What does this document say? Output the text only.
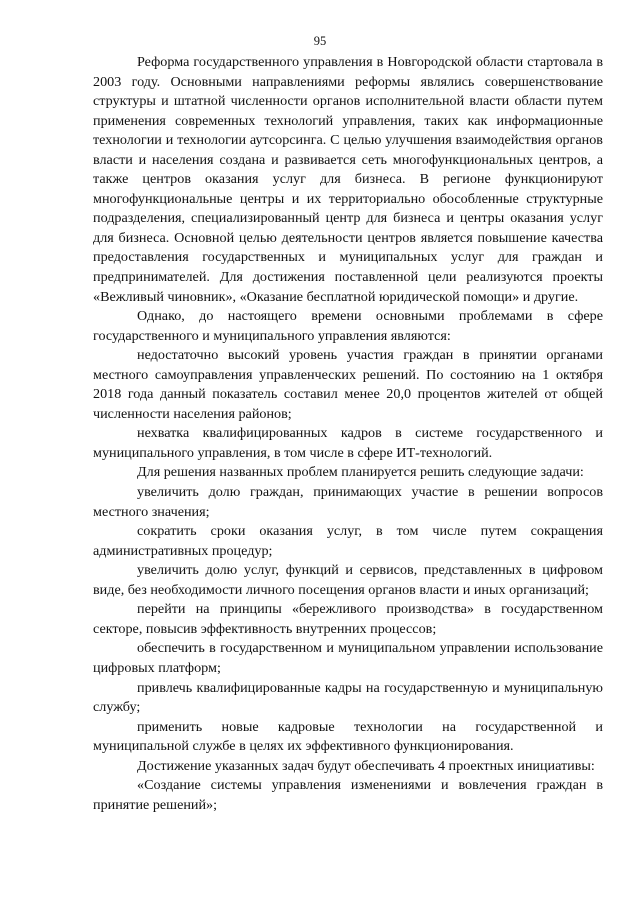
95

Реформа государственного управления в Новгородской области стартовала в 2003 году. Основными направлениями реформы являлись совершенствование структуры и штатной численности органов исполнительной власти области путем применения современных технологий управления, таких как информационные технологии и технологии аутсорсинга. С целью улучшения взаимодействия органов власти и населения создана и развивается сеть многофункциональных центров, а также центров оказания услуг для бизнеса. В регионе функционируют многофункциональные центры и их территориально обособленные структурные подразделения, специализированный центр для бизнеса и центры оказания услуг для бизнеса. Основной целью деятельности центров является повышение качества предоставления государственных и муниципальных услуг для граждан и предпринимателей. Для достижения поставленной цели реализуются проекты «Вежливый чиновник», «Оказание бесплатной юридической помощи» и другие.

Однако, до настоящего времени основными проблемами в сфере государственного и муниципального управления являются:

недостаточно высокий уровень участия граждан в принятии органами местного самоуправления управленческих решений. По состоянию на 1 октября 2018 года данный показатель составил менее 20,0 процентов жителей от общей численности населения районов;

нехватка квалифицированных кадров в системе государственного и муниципального управления, в том числе в сфере ИТ-технологий.

Для решения названных проблем планируется решить следующие задачи:

увеличить долю граждан, принимающих участие в решении вопросов местного значения;

сократить сроки оказания услуг, в том числе путем сокращения административных процедур;

увеличить долю услуг, функций и сервисов, представленных в цифровом виде, без необходимости личного посещения органов власти и иных организаций;

перейти на принципы «бережливого производства» в государственном секторе, повысив эффективность внутренних процессов;

обеспечить в государственном и муниципальном управлении использование цифровых платформ;

привлечь квалифицированные кадры на государственную и муниципальную службу;

применить новые кадровые технологии на государственной и муниципальной службе в целях их эффективного функционирования.

Достижение указанных задач будут обеспечивать 4 проектных инициативы:

«Создание системы управления изменениями и вовлечения граждан в принятие решений»;
